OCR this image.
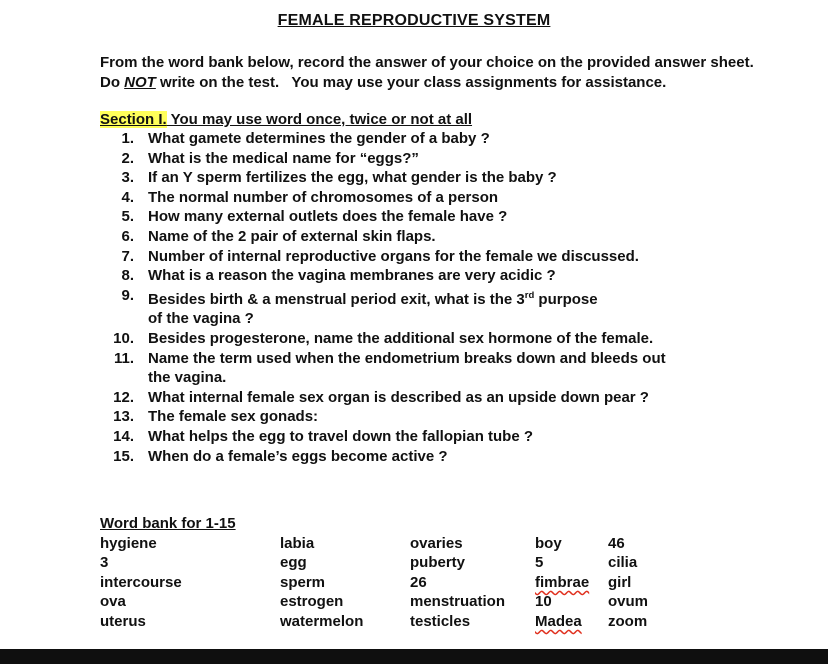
FEMALE REPRODUCTIVE SYSTEM

From the word bank below, record the answer of your choice on the provided answer sheet.
Do NOT write on the test.   You may use your class assignments for assistance.

Section I. You may use word once, twice or not at all

1. What gamete determines the gender of a baby ?
2. What is the medical name for “eggs?”
3. If an Y sperm fertilizes the egg, what gender is the baby ?
4. The normal number of chromosomes of a person
5. How many external outlets does the female have ?
6. Name of the 2 pair of external skin flaps.
7. Number of internal reproductive organs for the female we discussed.
8. What is a reason the vagina membranes are very acidic ?
9. Besides birth & a menstrual period exit, what is the 3rd purpose
of the vagina ?
10. Besides progesterone, name the additional sex hormone of the female.
11. Name the term used when the endometrium breaks down and bleeds out
the vagina.
12. What internal female sex organ is described as an upside down pear ?
13. The female sex gonads:
14. What helps the egg to travel down the fallopian tube ?
15. When do a female’s eggs become active ?

Word bank for 1-15

hygiene	labia	ovaries	boy	46
3	egg	puberty	5	cilia
intercourse	sperm	26	fimbrae	girl
ova	estrogen	menstruation	10	ovum
uterus	watermelon	testicles	Madea	zoom
